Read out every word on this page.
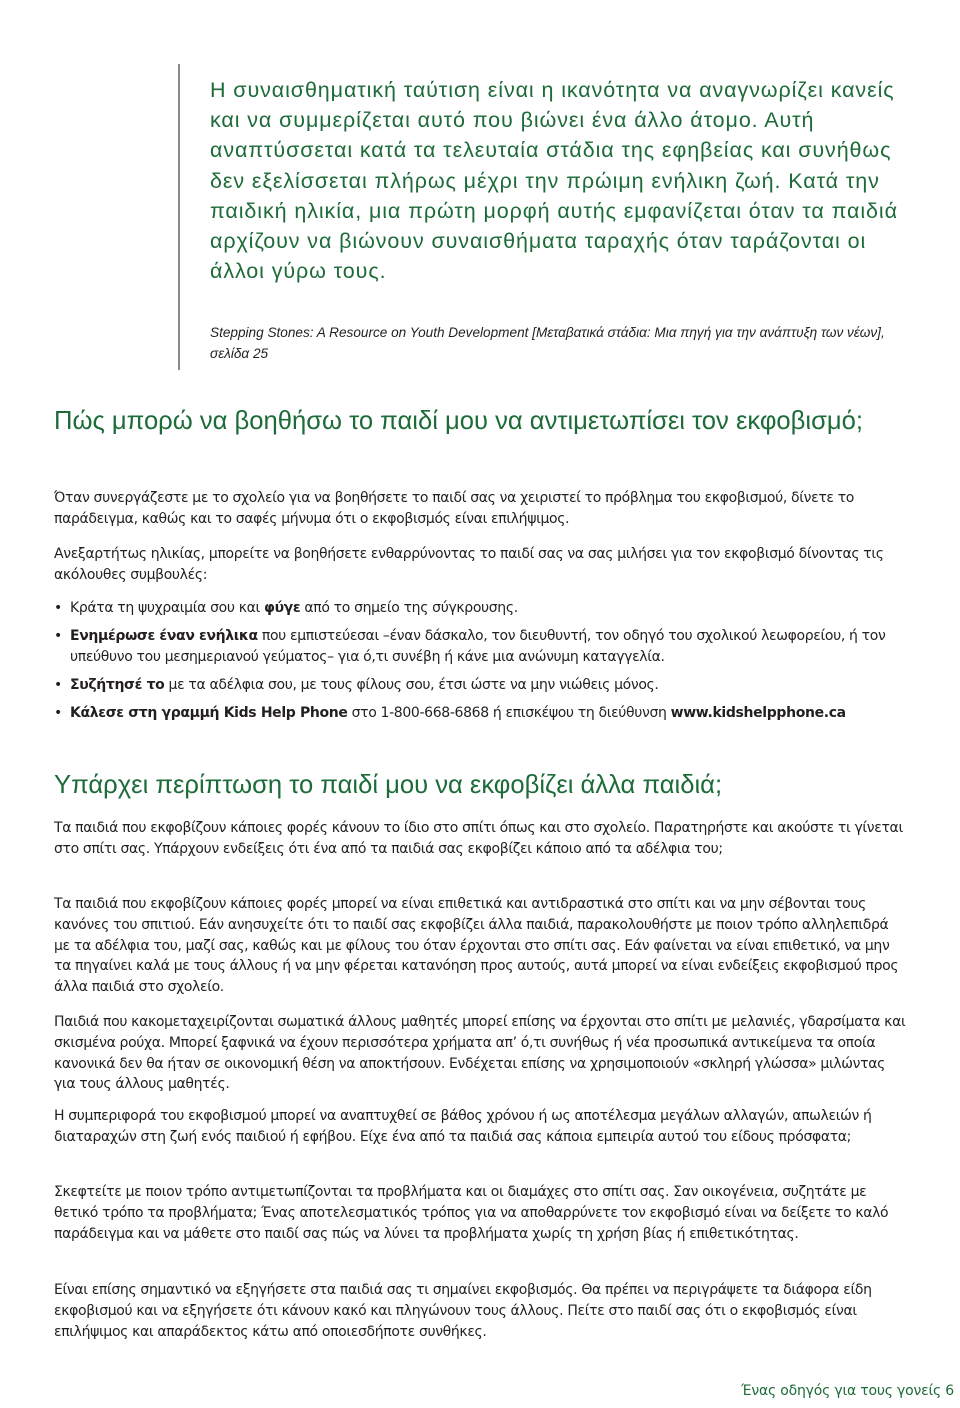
Η συναισθηματική ταύτιση είναι η ικανότητα να αναγνωρίζει κανείς και να συμμερίζεται αυτό που βιώνει ένα άλλο άτομο. Αυτή αναπτύσσεται κατά τα τελευταία στάδια της εφηβείας και συνήθως δεν εξελίσσεται πλήρως μέχρι την πρώιμη ενήλικη ζωή. Κατά την παιδική ηλικία, μια πρώτη μορφή αυτής εμφανίζεται όταν τα παιδιά αρχίζουν να βιώνουν συναισθήματα ταραχής όταν ταράζονται οι άλλοι γύρω τους.

Stepping Stones: A Resource on Youth Development [Μεταβατικά στάδια: Μια πηγή για την ανάπτυξη των νέων], σελίδα 25

Πώς μπορώ να βοηθήσω το παιδί μου να αντιμετωπίσει τον εκφοβισμό;

Όταν συνεργάζεστε με το σχολείο για να βοηθήσετε το παιδί σας να χειριστεί το πρόβλημα του εκφοβισμού, δίνετε το παράδειγμα, καθώς και το σαφές μήνυμα ότι ο εκφοβισμός είναι επιλήψιμος.

Ανεξαρτήτως ηλικίας, μπορείτε να βοηθήσετε ενθαρρύνοντας το παιδί σας να σας μιλήσει για τον εκφοβισμό δίνοντας τις ακόλουθες συμβουλές:

• Κράτα τη ψυχραιμία σου και φύγε από το σημείο της σύγκρουσης.
• Ενημέρωσε έναν ενήλικα που εμπιστεύεσαι –έναν δάσκαλο, τον διευθυντή, τον οδηγό του σχολικού λεωφορείου, ή τον υπεύθυνο του μεσημεριανού γεύματος– για ό,τι συνέβη ή κάνε μια ανώνυμη καταγγελία.
• Συζήτησέ το με τα αδέλφια σου, με τους φίλους σου, έτσι ώστε να μην νιώθεις μόνος.
• Κάλεσε στη γραμμή Kids Help Phone στο 1-800-668-6868 ή επισκέψου τη διεύθυνση www.kidshelpphone.ca
Υπάρχει περίπτωση το παιδί μου να εκφοβίζει άλλα παιδιά;

Τα παιδιά που εκφοβίζουν κάποιες φορές κάνουν το ίδιο στο σπίτι όπως και στο σχολείο. Παρατηρήστε και ακούστε τι γίνεται στο σπίτι σας. Υπάρχουν ενδείξεις ότι ένα από τα παιδιά σας εκφοβίζει κάποιο από τα αδέλφια του;

Τα παιδιά που εκφοβίζουν κάποιες φορές μπορεί να είναι επιθετικά και αντιδραστικά στο σπίτι και να μην σέβονται τους κανόνες του σπιτιού. Εάν ανησυχείτε ότι το παιδί σας εκφοβίζει άλλα παιδιά, παρακολουθήστε με ποιον τρόπο αλληλεπιδρά με τα αδέλφια του, μαζί σας, καθώς και με φίλους του όταν έρχονται στο σπίτι σας. Εάν φαίνεται να είναι επιθετικό, να μην τα πηγαίνει καλά με τους άλλους ή να μην φέρεται κατανόηση προς αυτούς, αυτά μπορεί να είναι ενδείξεις εκφοβισμού προς άλλα παιδιά στο σχολείο.

Παιδιά που κακομεταχειρίζονται σωματικά άλλους μαθητές μπορεί επίσης να έρχονται στο σπίτι με μελανιές, γδαρσίματα και σκισμένα ρούχα. Μπορεί ξαφνικά να έχουν περισσότερα χρήματα απ’ ό,τι συνήθως ή νέα προσωπικά αντικείμενα τα οποία κανονικά δεν θα ήταν σε οικονομική θέση να αποκτήσουν. Ενδέχεται επίσης να χρησιμοποιούν «σκληρή γλώσσα» μιλώντας για τους άλλους μαθητές.

Η συμπεριφορά του εκφοβισμού μπορεί να αναπτυχθεί σε βάθος χρόνου ή ως αποτέλεσμα μεγάλων αλλαγών, απωλειών ή διαταραχών στη ζωή ενός παιδιού ή εφήβου. Είχε ένα από τα παιδιά σας κάποια εμπειρία αυτού του είδους πρόσφατα;

Σκεφτείτε με ποιον τρόπο αντιμετωπίζονται τα προβλήματα και οι διαμάχες στο σπίτι σας. Σαν οικογένεια, συζητάτε με θετικό τρόπο τα προβλήματα; Ένας αποτελεσματικός τρόπος για να αποθαρρύνετε τον εκφοβισμό είναι να δείξετε το καλό παράδειγμα και να μάθετε στο παιδί σας πώς να λύνει τα προβλήματα χωρίς τη χρήση βίας ή επιθετικότητας.

Είναι επίσης σημαντικό να εξηγήσετε στα παιδιά σας τι σημαίνει εκφοβισμός. Θα πρέπει να περιγράψετε τα διάφορα είδη εκφοβισμού και να εξηγήσετε ότι κάνουν κακό και πληγώνουν τους άλλους. Πείτε στο παιδί σας ότι ο εκφοβισμός είναι επιλήψιμος και απαράδεκτος κάτω από οποιεσδήποτε συνθήκες.

Ένας οδηγός για τους γονείς 6
